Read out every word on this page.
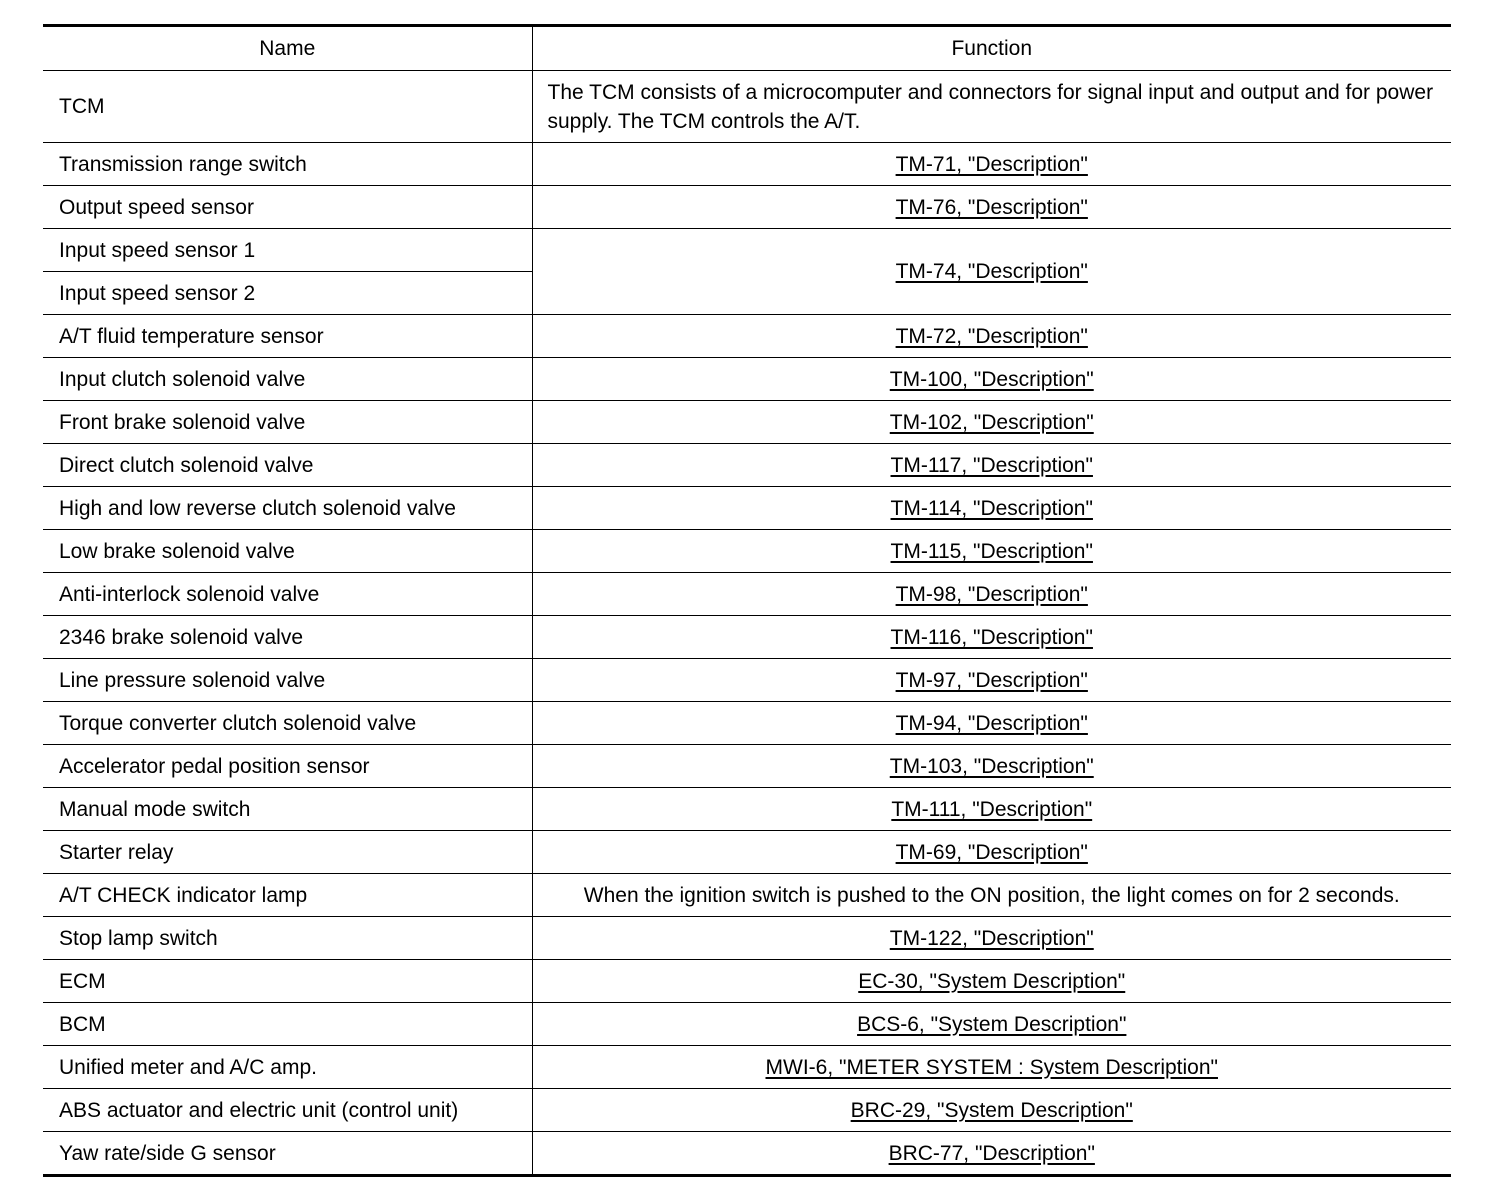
Name	Function
TCM	The TCM consists of a microcomputer and connectors for signal input and output and for power supply. The TCM controls the A/T.
Transmission range switch	TM-71, "Description"
Output speed sensor	TM-76, "Description"
Input speed sensor 1	TM-74, "Description"
Input speed sensor 2	
A/T fluid temperature sensor	TM-72, "Description"
Input clutch solenoid valve	TM-100, "Description"
Front brake solenoid valve	TM-102, "Description"
Direct clutch solenoid valve	TM-117, "Description"
High and low reverse clutch solenoid valve	TM-114, "Description"
Low brake solenoid valve	TM-115, "Description"
Anti-interlock solenoid valve	TM-98, "Description"
2346 brake solenoid valve	TM-116, "Description"
Line pressure solenoid valve	TM-97, "Description"
Torque converter clutch solenoid valve	TM-94, "Description"
Accelerator pedal position sensor	TM-103, "Description"
Manual mode switch	TM-111, "Description"
Starter relay	TM-69, "Description"
A/T CHECK indicator lamp	When the ignition switch is pushed to the ON position, the light comes on for 2 seconds.
Stop lamp switch	TM-122, "Description"
ECM	EC-30, "System Description"
BCM	BCS-6, "System Description"
Unified meter and A/C amp.	MWI-6, "METER SYSTEM : System Description"
ABS actuator and electric unit (control unit)	BRC-29, "System Description"
Yaw rate/side G sensor	BRC-77, "Description"
